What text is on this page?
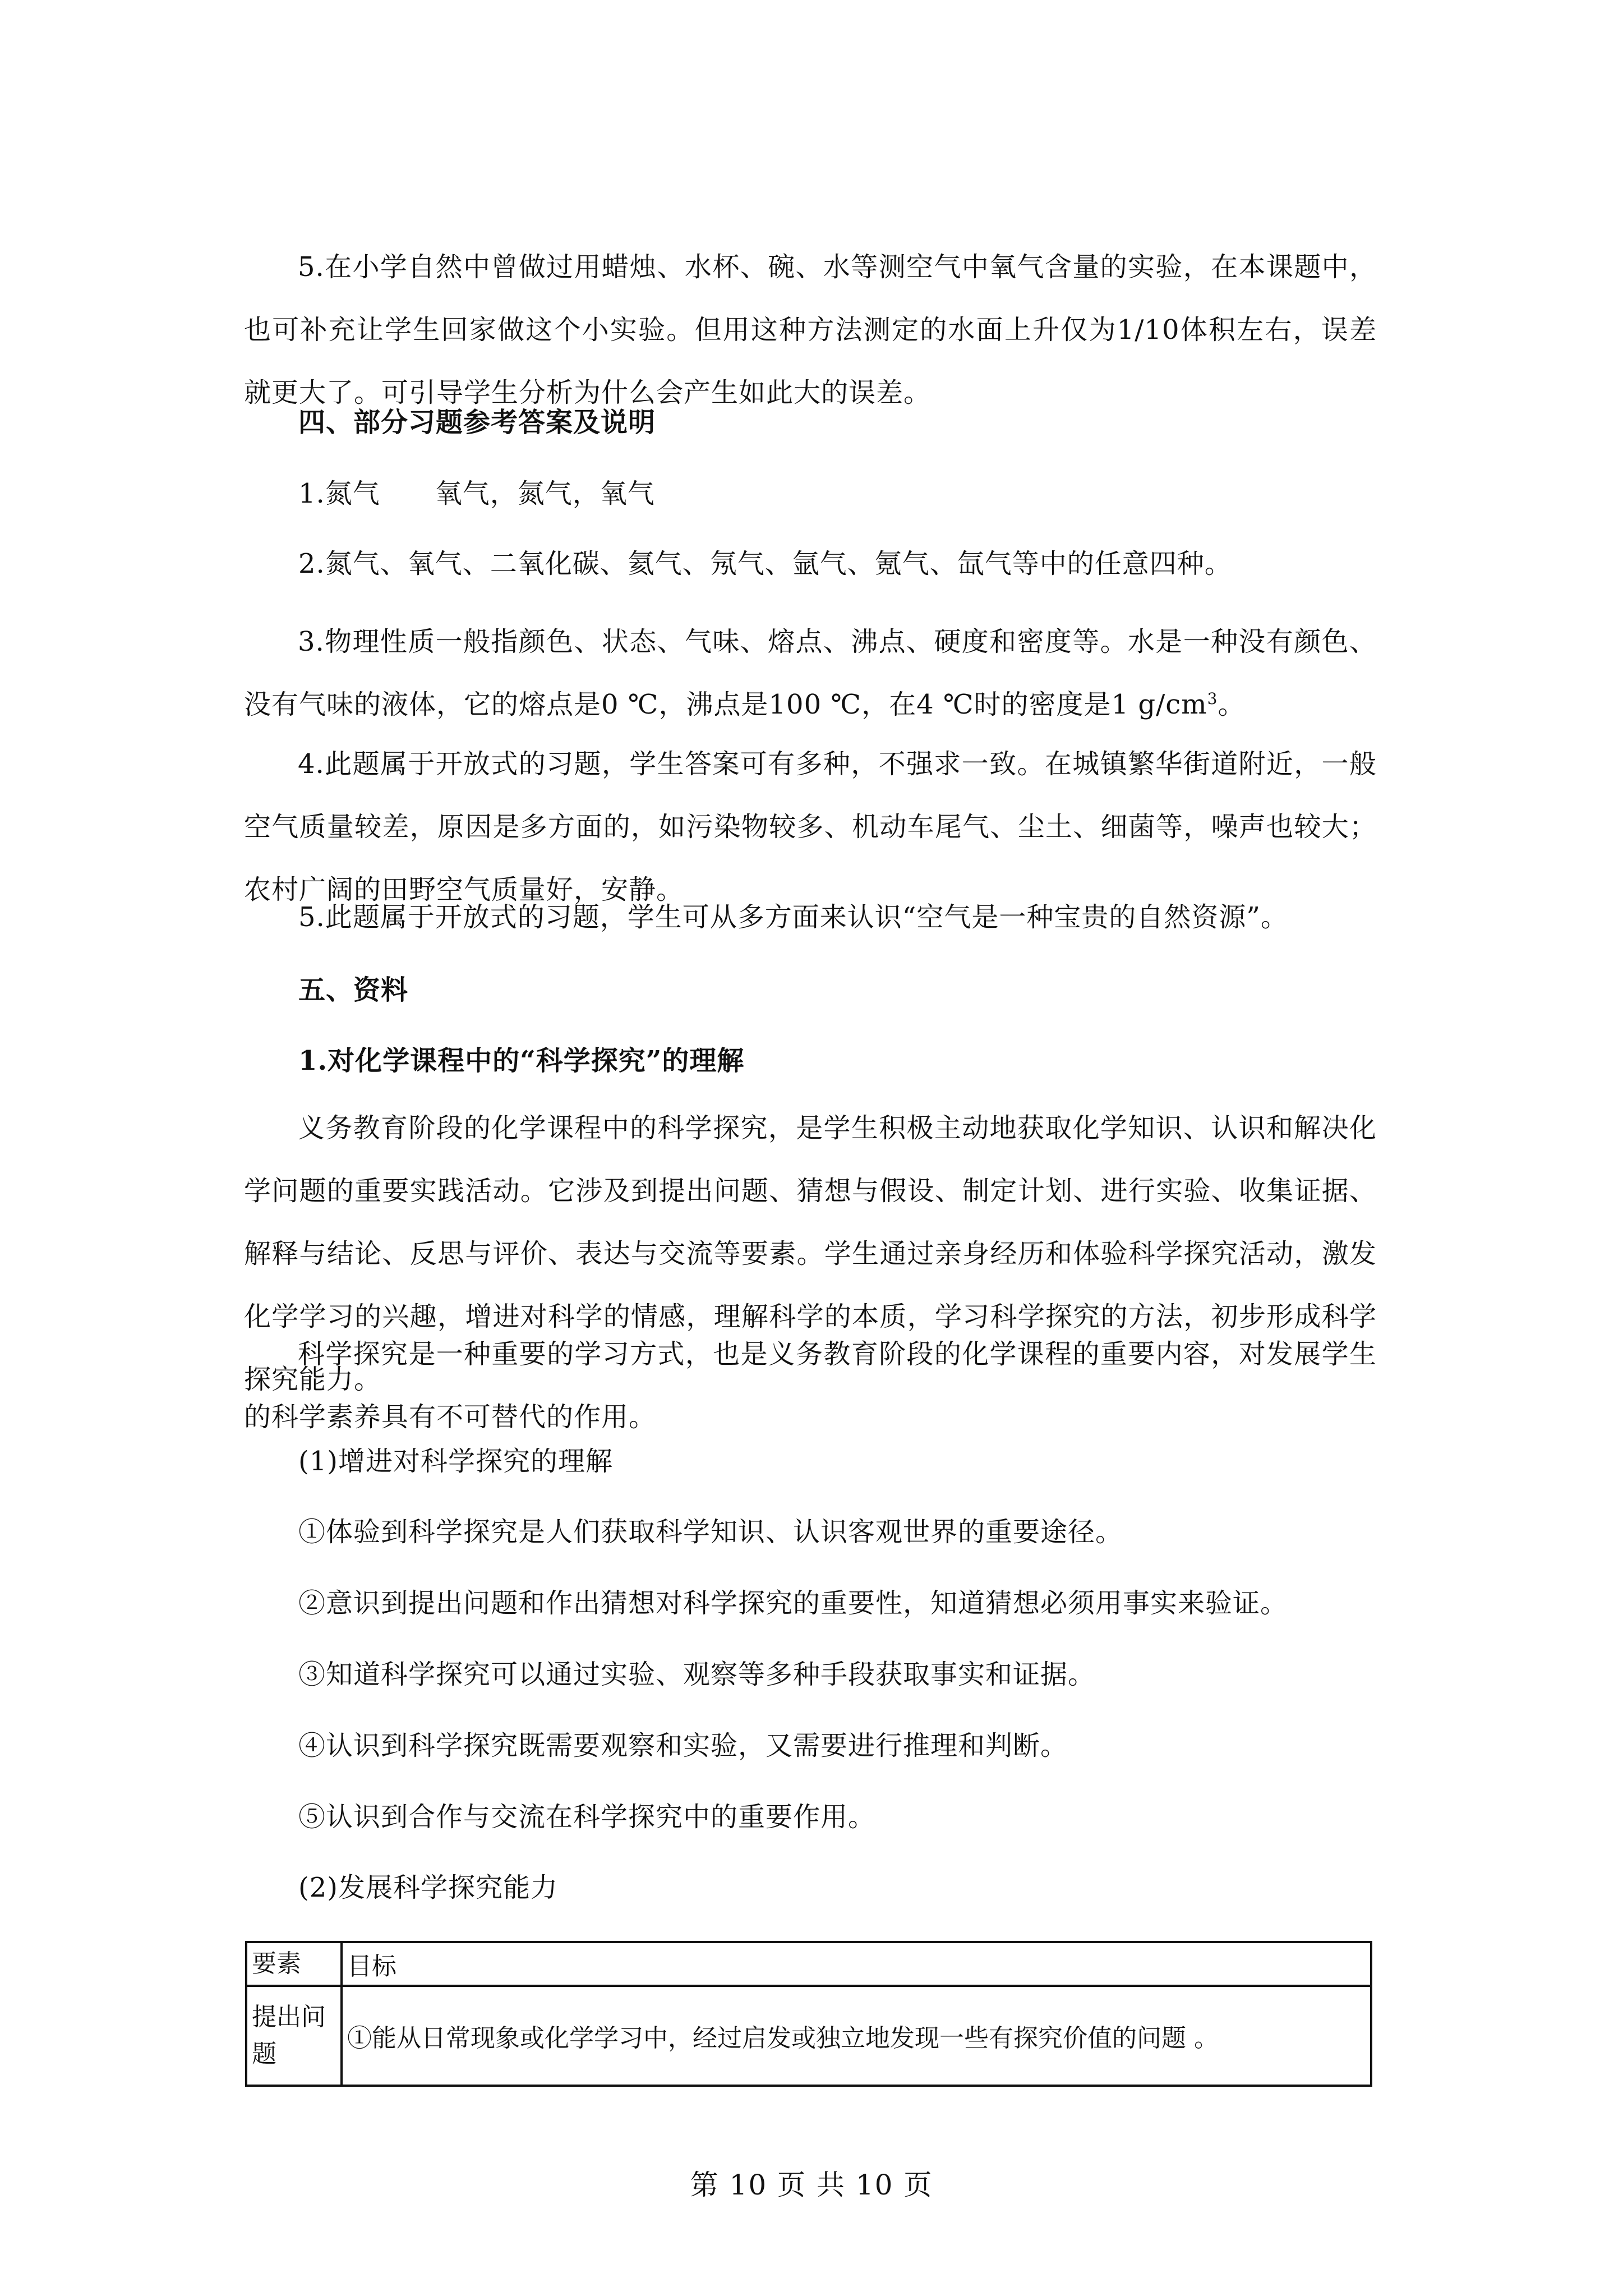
5.在小学自然中曾做过用蜡烛、水杯、碗、水等测空气中氧气含量的实验，在本课题中，也可补充让学生回家做这个小实验。但用这种方法测定的水面上升仅为1/10体积左右，误差就更大了。可引导学生分析为什么会产生如此大的误差。

四、部分习题参考答案及说明

1.氮气　　氧气，氮气，氧气

2.氮气、氧气、二氧化碳、氦气、氖气、氩气、氪气、氙气等中的任意四种。

3.物理性质一般指颜色、状态、气味、熔点、沸点、硬度和密度等。水是一种没有颜色、没有气味的液体，它的熔点是0 ℃，沸点是100 ℃，在4 ℃时的密度是1 $g/cm^3$。

4.此题属于开放式的习题，学生答案可有多种，不强求一致。在城镇繁华街道附近，一般空气质量较差，原因是多方面的，如污染物较多、机动车尾气、尘土、细菌等，噪声也较大；农村广阔的田野空气质量好，安静。

5.此题属于开放式的习题，学生可从多方面来认识“空气是一种宝贵的自然资源”。

五、资料

1.对化学课程中的“科学探究”的理解

义务教育阶段的化学课程中的科学探究，是学生积极主动地获取化学知识、认识和解决化学问题的重要实践活动。它涉及到提出问题、猜想与假设、制定计划、进行实验、收集证据、解释与结论、反思与评价、表达与交流等要素。学生通过亲身经历和体验科学探究活动，激发化学学习的兴趣，增进对科学的情感，理解科学的本质，学习科学探究的方法，初步形成科学探究能力。

科学探究是一种重要的学习方式，也是义务教育阶段的化学课程的重要内容，对发展学生的科学素养具有不可替代的作用。

(1)增进对科学探究的理解

①体验到科学探究是人们获取科学知识、认识客观世界的重要途径。

②意识到提出问题和作出猜想对科学探究的重要性，知道猜想必须用事实来验证。

③知道科学探究可以通过实验、观察等多种手段获取事实和证据。

④认识到科学探究既需要观察和实验，又需要进行推理和判断。

⑤认识到合作与交流在科学探究中的重要作用。

(2)发展科学探究能力

要素	目标
提出问题	①能从日常现象或化学学习中，经过启发或独立地发现一些有探究价值的问题 。
第 10 页 共 10 页
